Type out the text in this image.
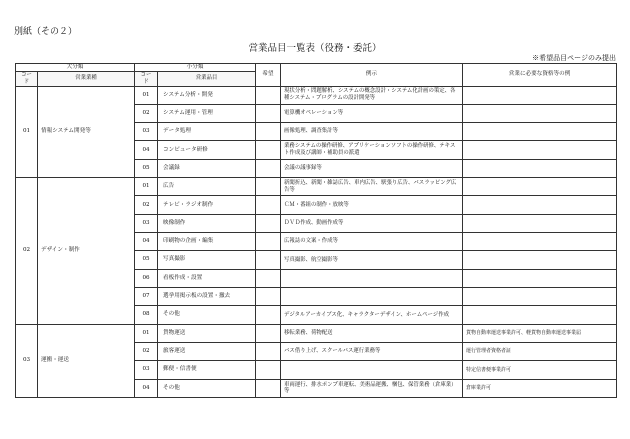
別紙（その２）
営業品目一覧表（役務・委託）
※希望品目ページのみ提出
大分類		小分類		希望	例示	営業に必要な資格等の例
コード	営業業種	コード	営業品目			
01	情報システム開発等	01	システム分析・開発		現状分析・問題解析、システムの概念設計・システム化計画の策定、各種システム・プログラムの設計開発等	
		02	システム運用・管理		電算機オペレーション等	
		03	データ処理		画像処理、調査集計等	
		04	コンピュータ研修		業務システムの操作研修、アプリケーションソフトの操作研修、テキスト作成及び講師・補助員の派遣	
		05	会議録		会議の議事録等	
02	デザイン・制作	01	広告		新聞折込、新聞・雑誌広告、車内広告、駅張り広告、バスラッピング広告等	
		02	テレビ・ラジオ制作		ＣＭ・番組の制作・放映等	
		03	映像制作		ＤＶＤ作成、動画作成等	
		04	印刷物の企画・編集		広報誌の文案・作成等	
		05	写真撮影		写真撮影、航空撮影等	
		06	看板作成・設置			
		07	選挙用掲示板の設置・撤去			
		08	その他		デジタルアーカイブス化、キャラクターデザイン、ホームページ作成	
03	運搬・運送	01	貨物運送		移転業務、荷物配送	貨物自動車運送事業許可、軽貨物自動車運送事業届
		02	旅客運送		バス借り上げ、スクールバス運行業務等	運行管理者資格者証
		03	郵便・信書便			特定信書便事業許可
		04	その他		車両運行、排水ポンプ車運転、美術品運搬、梱包、保管業務（倉庫業）等	倉庫業許可
